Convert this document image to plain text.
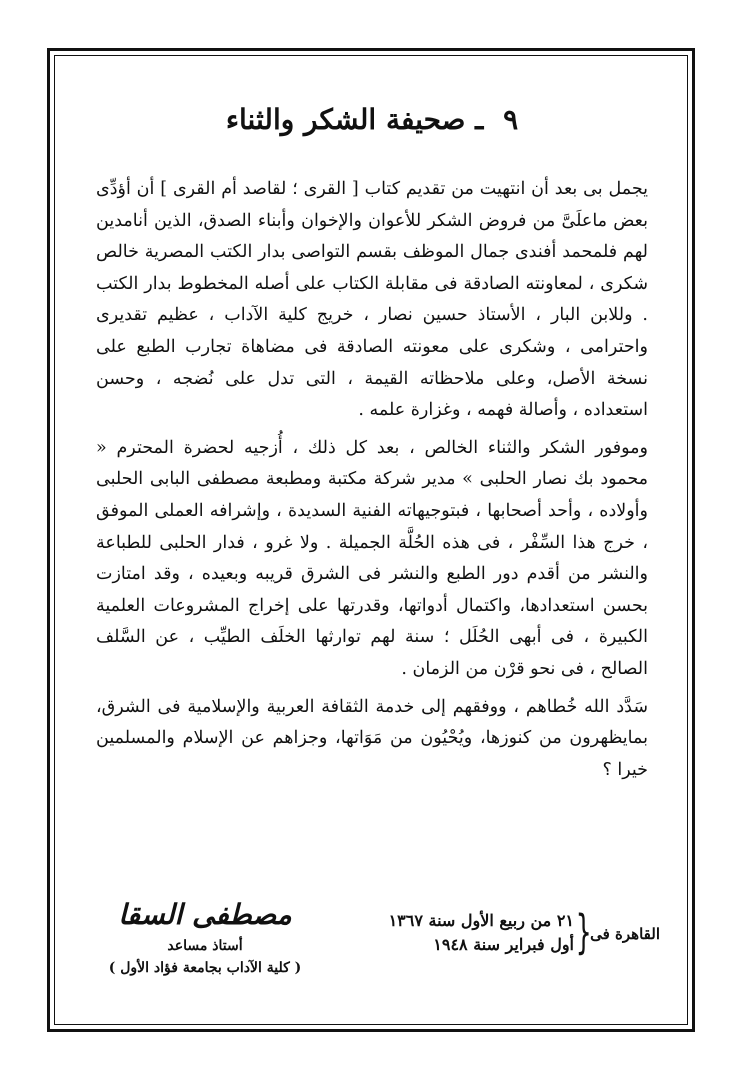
٩ ـ صحيفة الشكر والثناء

يجمل بى بعد أن انتهيت من تقديم كتاب [ القرى ؛ لقاصد أم القرى ] أن أؤدِّى بعض ماعلَىَّ من فروض الشكر للأعوان والإخوان وأبناء الصدق، الذين أنامدين لهم فلمحمد أفندى جمال الموظف بقسم التواصى بدار الكتب المصرية خالص شكرى ، لمعاونته الصادقة فى مقابلة الكتاب على أصله المخطوط بدار الكتب . وللابن البار ، الأستاذ حسين نصار ، خريج كلية الآداب ، عظيم تقديرى واحترامى ، وشكرى على معونته الصادقة فى مضاهاة تجارب الطبع على نسخة الأصل، وعلى ملاحظاته القيمة ، التى تدل على نُضجه ، وحسن استعداده ، وأصالة فهمه ، وغزارة علمه .

وموفور الشكر والثناء الخالص ، بعد كل ذلك ، أُزجيه لحضرة المحترم « محمود بك نصار الحلبى » مدير شركة مكتبة ومطبعة مصطفى البابى الحلبى وأولاده ، وأحد أصحابها ، فبتوجيهاته الفنية السديدة ، وإشرافه العملى الموفق ، خرج هذا السِّفْر ، فى هذه الحُلَّة الجميلة . ولا غرو ، فدار الحلبى للطباعة والنشر من أقدم دور الطبع والنشر فى الشرق قريبه وبعيده ، وقد امتازت بحسن استعدادها، واكتمال أدواتها، وقدرتها على إخراج المشروعات العلمية الكبيرة ، فى أبهى الحُلَل ؛ سنة لهم توارثها الخلَف الطيِّب ، عن السَّلف الصالح ، فى نحو قرْن من الزمان .

سَدَّد الله خُطاهم ، ووفقهم إلى خدمة الثقافة العربية والإسلامية فى الشرق، بمايظهرون من كنوزها، ويُحْيُون من مَوَاتها، وجزاهم عن الإسلام والمسلمين خيرا ؟

القاهرة فى
{
٢١ من ربيع الأول سنة ١٣٦٧
أول فبراير سنة ١٩٤٨
مصطفى السقا
أستاذ مساعد
( كلية الآداب بجامعة فؤاد الأول )
